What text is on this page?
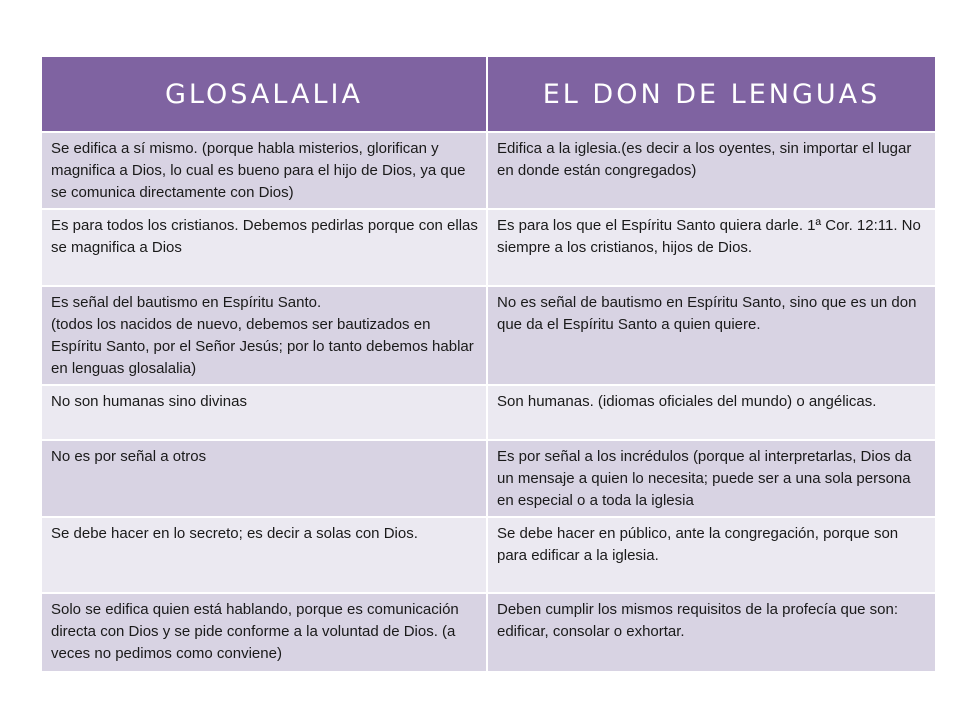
GLOSALALIA	EL DON DE LENGUAS

Se edifica a sí mismo. (porque habla misterios, glorifican y magnifica a Dios, lo cual es bueno para el hijo de Dios, ya que se comunica directamente con Dios)	Edifica a la iglesia.(es decir a los oyentes, sin importar el lugar en donde están congregados)

Es para todos los cristianos. Debemos pedirlas porque con ellas se magnifica a Dios	Es para los que el Espíritu Santo quiera darle. 1ª Cor. 12:11. No siempre a los cristianos, hijos de Dios.

Es señal del bautismo en Espíritu Santo.
(todos los nacidos de nuevo, debemos ser bautizados en Espíritu Santo, por el Señor Jesús; por lo tanto debemos hablar en lenguas glosalalia)	No es señal de bautismo en Espíritu Santo, sino que es un don que da el Espíritu Santo a quien quiere.

No son humanas sino divinas	Son humanas. (idiomas oficiales del mundo) o angélicas.

No es por señal a otros	Es por señal a los incrédulos (porque al interpretarlas, Dios da un mensaje a quien lo necesita; puede ser a una sola persona en especial o a toda la iglesia

Se debe hacer en lo secreto; es decir a solas con Dios.	Se debe hacer en público, ante la congregación, porque son para edificar a la iglesia.

Solo se edifica quien está hablando, porque es comunicación directa con Dios y se pide conforme a la voluntad de Dios. (a veces no pedimos como conviene)	Deben cumplir los mismos requisitos de la profecía que son: edificar, consolar o exhortar.
